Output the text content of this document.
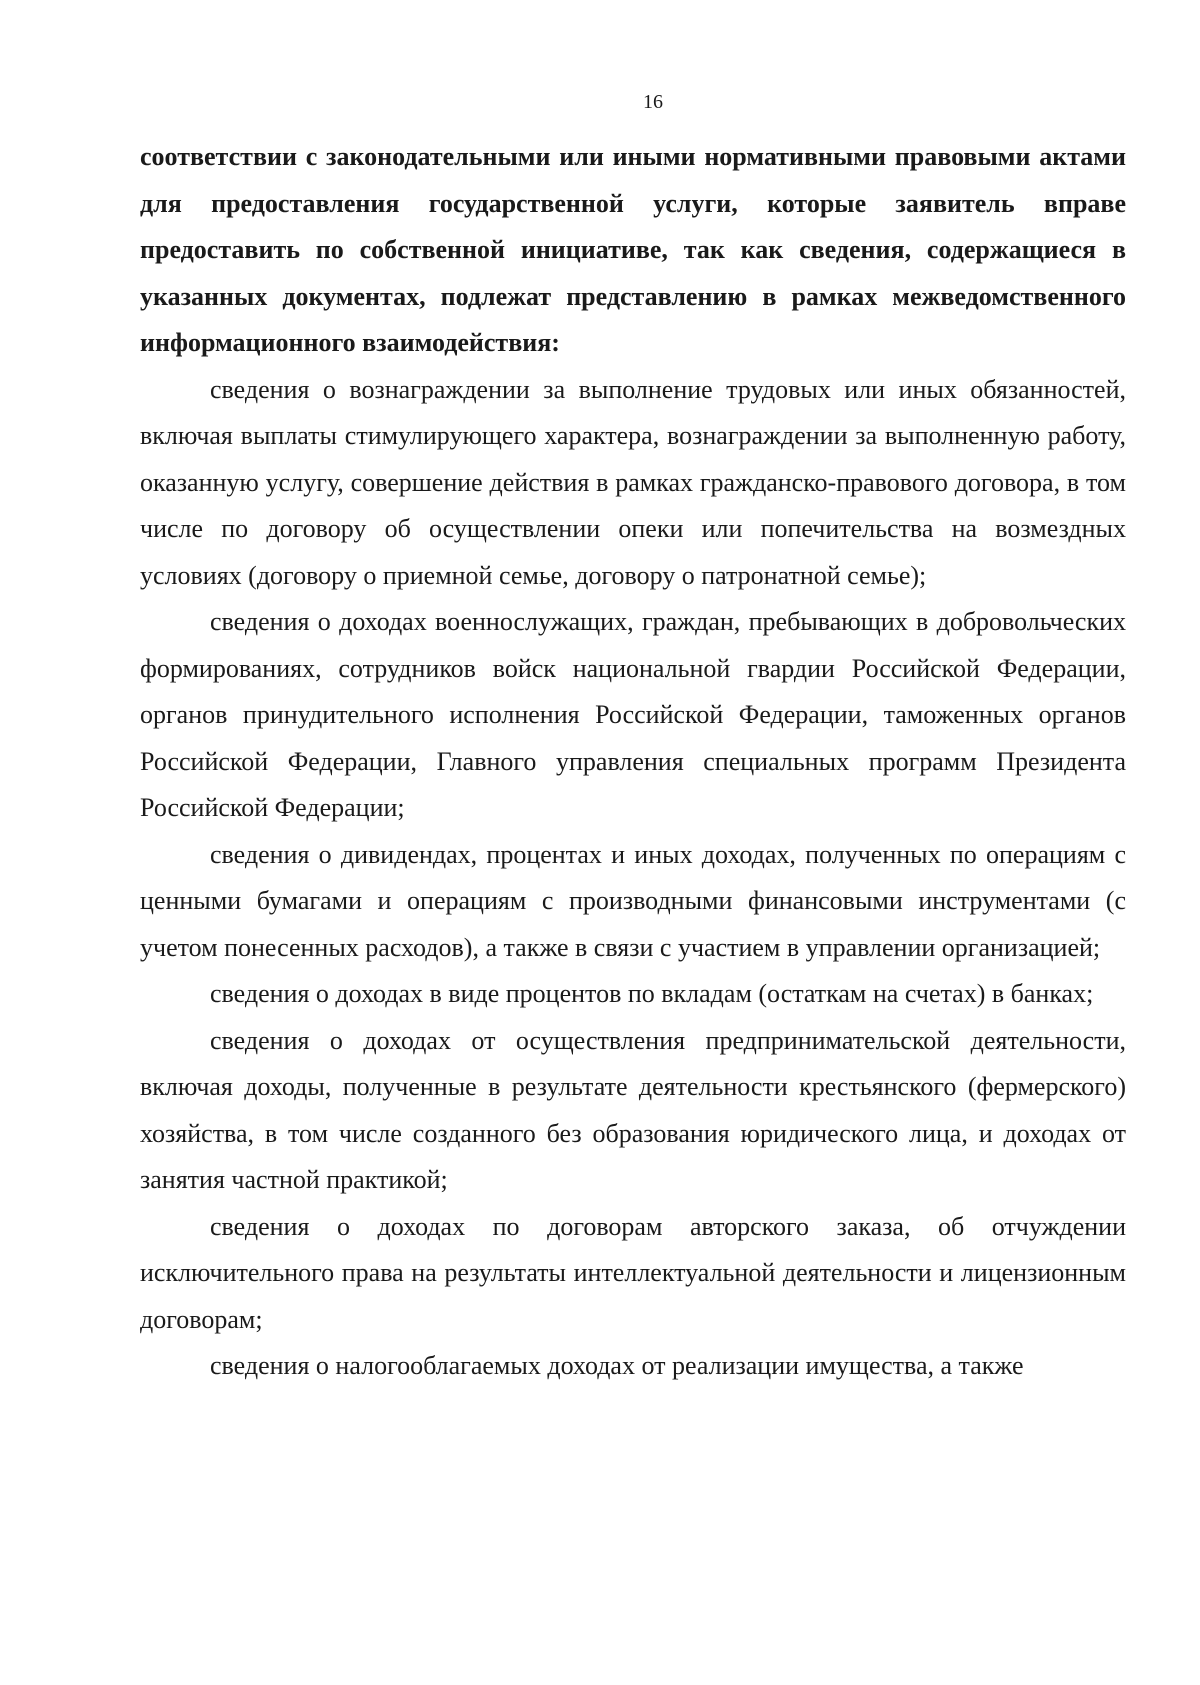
16

соответствии с законодательными или иными нормативными правовыми актами для предоставления государственной услуги, которые заявитель вправе предоставить по собственной инициативе, так как сведения, содержащиеся в указанных документах, подлежат представлению в рамках межведомственного информационного взаимодействия:

сведения о вознаграждении за выполнение трудовых или иных обязанностей, включая выплаты стимулирующего характера, вознаграждении за выполненную работу, оказанную услугу, совершение действия в рамках гражданско-правового договора, в том числе по договору об осуществлении опеки или попечительства на возмездных условиях (договору о приемной семье, договору о патронатной семье);

сведения о доходах военнослужащих, граждан, пребывающих в добровольческих формированиях, сотрудников войск национальной гвардии Российской Федерации, органов принудительного исполнения Российской Федерации, таможенных органов Российской Федерации, Главного управления специальных программ Президента Российской Федерации;

сведения о дивидендах, процентах и иных доходах, полученных по операциям с ценными бумагами и операциям с производными финансовыми инструментами (с учетом понесенных расходов), а также в связи с участием в управлении организацией;

сведения о доходах в виде процентов по вкладам (остаткам на счетах) в банках;

сведения о доходах от осуществления предпринимательской деятельности, включая доходы, полученные в результате деятельности крестьянского (фермерского) хозяйства, в том числе созданного без образования юридического лица, и доходах от занятия частной практикой;

сведения о доходах по договорам авторского заказа, об отчуждении исключительного права на результаты интеллектуальной деятельности и лицензионным договорам;

сведения о налогооблагаемых доходах от реализации имущества, а также
